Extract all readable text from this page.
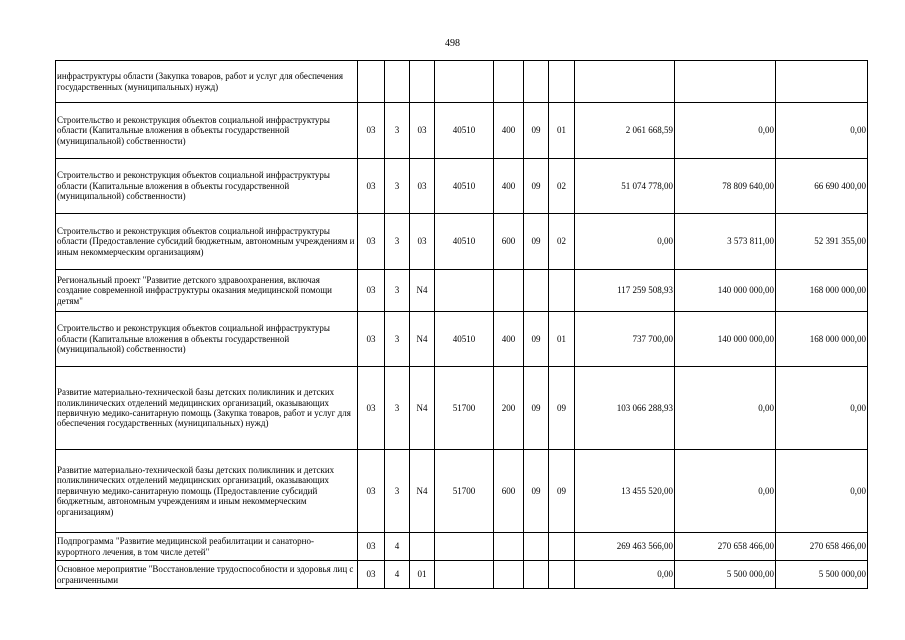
498
инфраструктуры области (Закупка товаров, работ и услуг для обеспечения государственных (муниципальных) нужд)										
Строительство и реконструкция объектов социальной инфраструктуры области (Капитальные вложения в объекты государственной (муниципальной) собственности)	03	3	03	40510	400	09	01	2 061 668,59	0,00	0,00
Строительство и реконструкция объектов социальной инфраструктуры области (Капитальные вложения в объекты государственной (муниципальной) собственности)	03	3	03	40510	400	09	02	51 074 778,00	78 809 640,00	66 690 400,00
Строительство и реконструкция объектов социальной инфраструктуры области (Предоставление субсидий бюджетным, автономным учреждениям и иным некоммерческим организациям)	03	3	03	40510	600	09	02	0,00	3 573 811,00	52 391 355,00
Региональный проект "Развитие детского здравоохранения, включая создание современной инфраструктуры оказания медицинской помощи детям"	03	3	N4					117 259 508,93	140 000 000,00	168 000 000,00
Строительство и реконструкция объектов социальной инфраструктуры области (Капитальные вложения в объекты государственной (муниципальной) собственности)	03	3	N4	40510	400	09	01	737 700,00	140 000 000,00	168 000 000,00
Развитие материально-технической базы детских поликлиник и детских поликлинических отделений медицинских организаций, оказывающих первичную медико-санитарную помощь (Закупка товаров, работ и услуг для обеспечения государственных (муниципальных) нужд)	03	3	N4	51700	200	09	09	103 066 288,93	0,00	0,00
Развитие материально-технической базы детских поликлиник и детских поликлинических отделений медицинских организаций, оказывающих первичную медико-санитарную помощь (Предоставление субсидий бюджетным, автономным учреждениям и иным некоммерческим организациям)	03	3	N4	51700	600	09	09	13 455 520,00	0,00	0,00
Подпрограмма "Развитие медицинской реабилитации и санаторно-курортного лечения, в том числе детей"	03	4						269 463 566,00	270 658 466,00	270 658 466,00
Основное мероприятие "Восстановление трудоспособности и здоровья лиц с ограниченными	03	4	01					0,00	5 500 000,00	5 500 000,00
